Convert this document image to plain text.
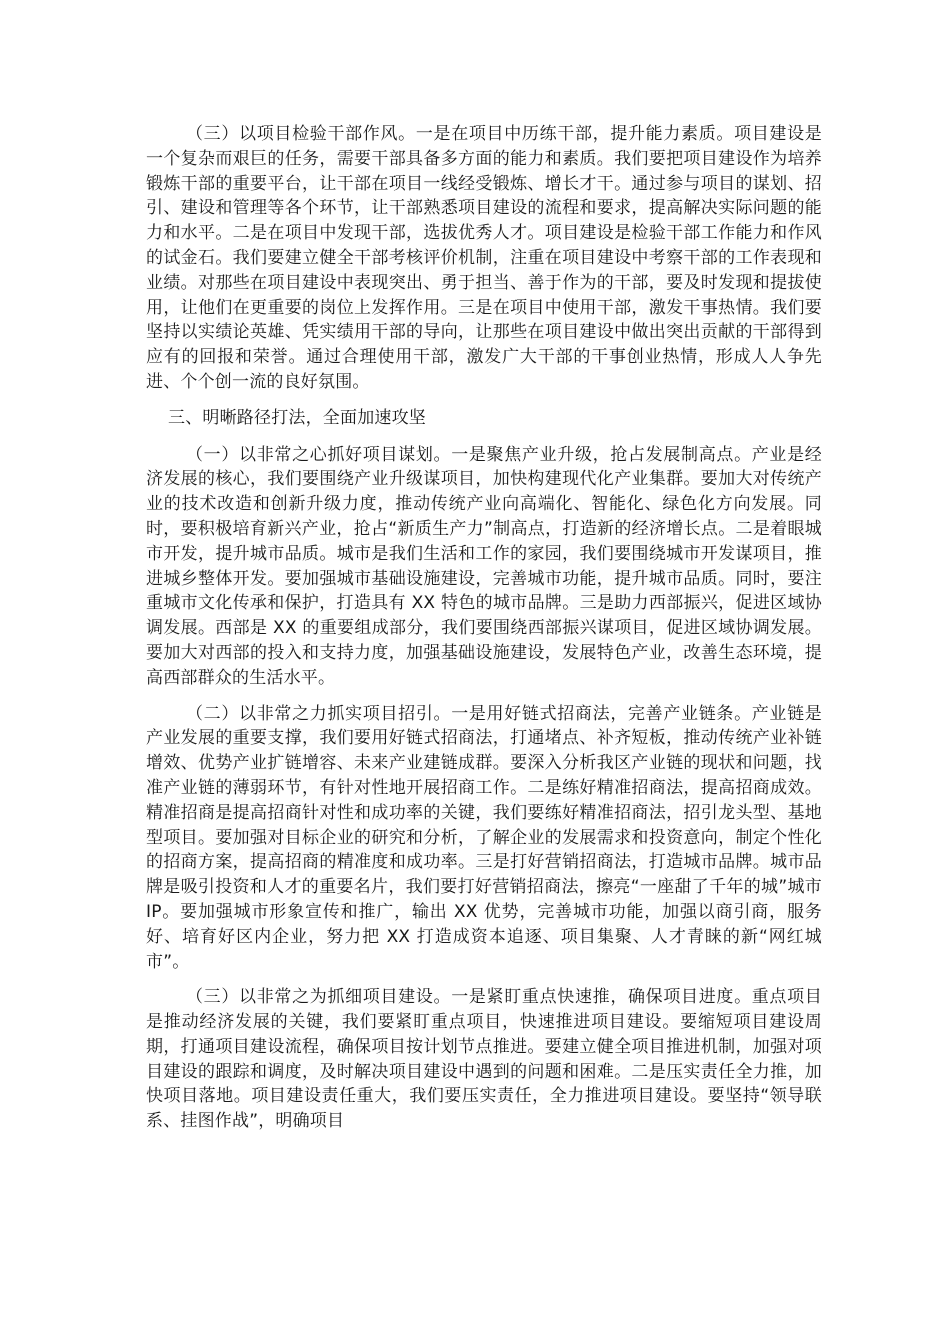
（三）以项目检验干部作风。一是在项目中历练干部，提升能力素质。项目建设是一个复杂而艰巨的任务，需要干部具备多方面的能力和素质。我们要把项目建设作为培养锻炼干部的重要平台，让干部在项目一线经受锻炼、增长才干。通过参与项目的谋划、招引、建设和管理等各个环节，让干部熟悉项目建设的流程和要求，提高解决实际问题的能力和水平。二是在项目中发现干部，选拔优秀人才。项目建设是检验干部工作能力和作风的试金石。我们要建立健全干部考核评价机制，注重在项目建设中考察干部的工作表现和业绩。对那些在项目建设中表现突出、勇于担当、善于作为的干部，要及时发现和提拔使用，让他们在更重要的岗位上发挥作用。三是在项目中使用干部，激发干事热情。我们要坚持以实绩论英雄、凭实绩用干部的导向，让那些在项目建设中做出突出贡献的干部得到应有的回报和荣誉。通过合理使用干部，激发广大干部的干事创业热情，形成人人争先进、个个创一流的良好氛围。

三、明晰路径打法，全面加速攻坚

（一）以非常之心抓好项目谋划。一是聚焦产业升级，抢占发展制高点。产业是经济发展的核心，我们要围绕产业升级谋项目，加快构建现代化产业集群。要加大对传统产业的技术改造和创新升级力度，推动传统产业向高端化、智能化、绿色化方向发展。同时，要积极培育新兴产业，抢占“新质生产力”制高点，打造新的经济增长点。二是着眼城市开发，提升城市品质。城市是我们生活和工作的家园，我们要围绕城市开发谋项目，推进城乡整体开发。要加强城市基础设施建设，完善城市功能，提升城市品质。同时，要注重城市文化传承和保护，打造具有 XX 特色的城市品牌。三是助力西部振兴，促进区域协调发展。西部是 XX 的重要组成部分，我们要围绕西部振兴谋项目，促进区域协调发展。要加大对西部的投入和支持力度，加强基础设施建设，发展特色产业，改善生态环境，提高西部群众的生活水平。

（二）以非常之力抓实项目招引。一是用好链式招商法，完善产业链条。产业链是产业发展的重要支撑，我们要用好链式招商法，打通堵点、补齐短板，推动传统产业补链增效、优势产业扩链增容、未来产业建链成群。要深入分析我区产业链的现状和问题，找准产业链的薄弱环节，有针对性地开展招商工作。二是练好精准招商法，提高招商成效。精准招商是提高招商针对性和成功率的关键，我们要练好精准招商法，招引龙头型、基地型项目。要加强对目标企业的研究和分析，了解企业的发展需求和投资意向，制定个性化的招商方案，提高招商的精准度和成功率。三是打好营销招商法，打造城市品牌。城市品牌是吸引投资和人才的重要名片，我们要打好营销招商法，擦亮“一座甜了千年的城”城市 IP。要加强城市形象宣传和推广，输出 XX 优势，完善城市功能，加强以商引商，服务好、培育好区内企业，努力把 XX 打造成资本追逐、项目集聚、人才青睐的新“网红城市”。

（三）以非常之为抓细项目建设。一是紧盯重点快速推，确保项目进度。重点项目是推动经济发展的关键，我们要紧盯重点项目，快速推进项目建设。要缩短项目建设周期，打通项目建设流程，确保项目按计划节点推进。要建立健全项目推进机制，加强对项目建设的跟踪和调度，及时解决项目建设中遇到的问题和困难。二是压实责任全力推，加快项目落地。项目建设责任重大，我们要压实责任，全力推进项目建设。要坚持“领导联系、挂图作战”，明确项目
